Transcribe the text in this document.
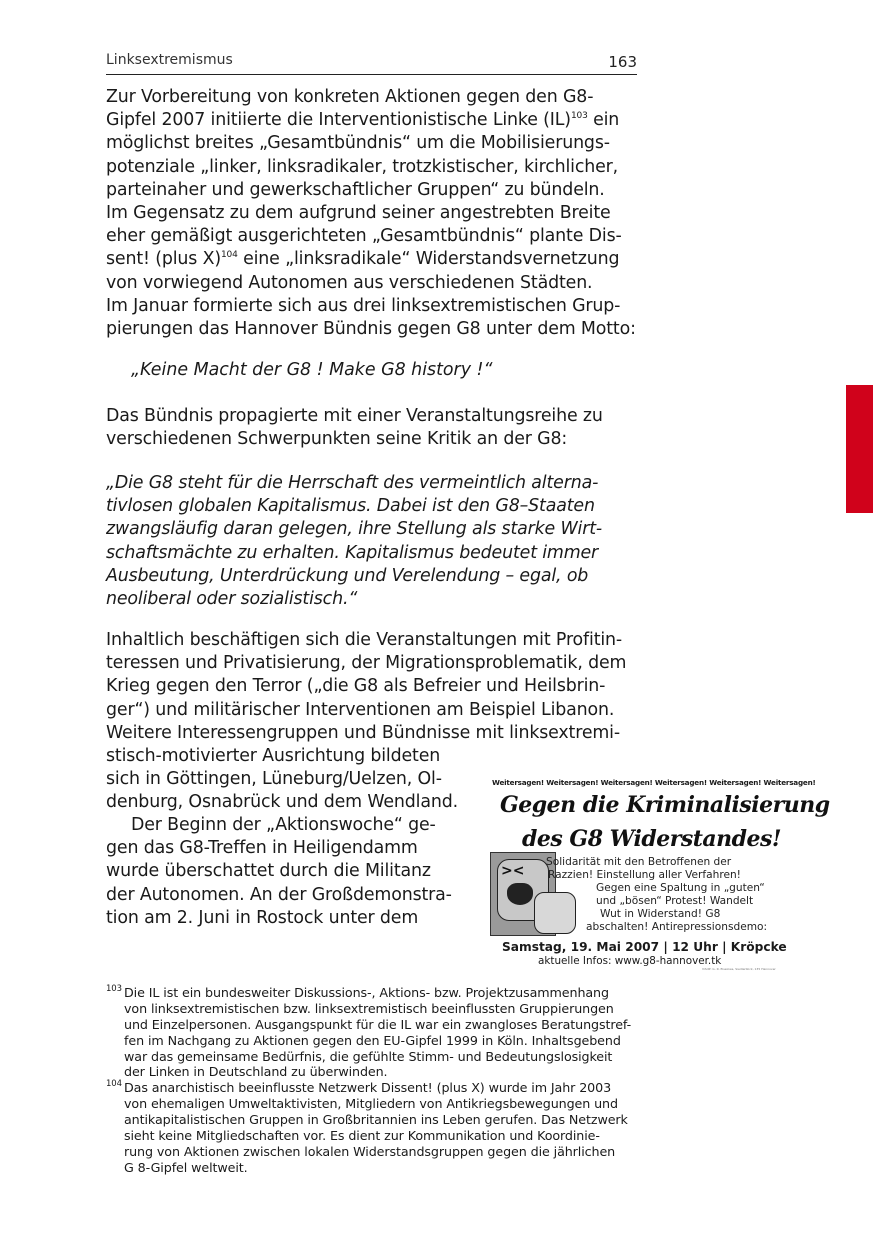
Linksextremismus	163
Zur Vorbereitung von konkreten Aktionen gegen den G8-
Gipfel 2007 initiierte die Interventionistische Linke (IL)$^{103}$ ein
möglichst breites „Gesamtbündnis“ um die Mobilisierungs-
potenziale „linker, linksradikaler, trotzkistischer, kirchlicher,
parteinaher und gewerkschaftlicher Gruppen“ zu bündeln.
Im Gegensatz zu dem aufgrund seiner angestrebten Breite
eher gemäßigt ausgerichteten „Gesamtbündnis“ plante Dis-
sent! (plus X)$^{104}$ eine „linksradikale“ Widerstandsvernetzung
von vorwiegend Autonomen aus verschiedenen Städten.
Im Januar formierte sich aus drei linksextremistischen Grup-
pierungen das Hannover Bündnis gegen G8 unter dem Motto:
„Keine Macht der G8 ! Make G8 history !“
Das Bündnis propagierte mit einer Veranstaltungsreihe zu
verschiedenen Schwerpunkten seine Kritik an der G8:
„Die G8 steht für die Herrschaft des vermeintlich alterna-
tivlosen globalen Kapitalismus. Dabei ist den G8–Staaten
zwangsläufig daran gelegen, ihre Stellung als starke Wirt-
schaftsmächte zu erhalten. Kapitalismus bedeutet immer
Ausbeutung, Unterdrückung und Verelendung – egal, ob
neoliberal oder sozialistisch.“
Inhaltlich beschäftigen sich die Veranstaltungen mit Profitin-
teressen und Privatisierung, der Migrationsproblematik, dem
Krieg gegen den Terror („die G8 als Befreier und Heilsbrin-
ger“) und militärischer Interventionen am Beispiel Libanon.
Weitere Interessengruppen und Bündnisse mit linksextremi-
stisch-motivierter Ausrichtung bildeten
sich in Göttingen, Lüneburg/Uelzen, Ol-
denburg, Osnabrück und dem Wendland.
Der Beginn der „Aktionswoche“ ge-
gen das G8-Treffen in Heiligendamm
wurde überschattet durch die Militanz
der Autonomen. An der Großdemonstra-
tion am 2. Juni in Rostock unter dem
Weitersagen! Weitersagen! Weitersagen! Weitersagen! Weitersagen! Weitersagen!
Gegen die Kriminalisierung
des G8 Widerstandes!
><
Solidarität mit den Betroffenen der
Razzien! Einstellung aller Verfahren!
Gegen eine Spaltung in „guten“
und „bösen“ Protest! Wandelt
Wut in Widerstand! G8
abschalten! Antirepressionsdemo:
Samstag, 19. Mai 2007 | 12 Uhr | Kröpcke
aktuelle Infos: www.g8-hannover.tk
ViSdP: G. R. Eiselows, Siedlerblick, 135 Hannover
103 Die IL ist ein bundesweiter Diskussions-, Aktions- bzw. Projektzusammenhang
von linksextremistischen bzw. linksextremistisch beeinflussten Gruppierungen
und Einzelpersonen. Ausgangspunkt für die IL war ein zwangloses Beratungstref-
fen im Nachgang zu Aktionen gegen den EU-Gipfel 1999 in Köln. Inhaltsgebend
war das gemeinsame Bedürfnis, die gefühlte Stimm- und Bedeutungslosigkeit
der Linken in Deutschland zu überwinden.
104 Das anarchistisch beeinflusste Netzwerk Dissent! (plus X) wurde im Jahr 2003
von ehemaligen Umweltaktivisten, Mitgliedern von Antikriegsbewegungen und
antikapitalistischen Gruppen in Großbritannien ins Leben gerufen. Das Netzwerk
sieht keine Mitgliedschaften vor. Es dient zur Kommunikation und Koordinie-
rung von Aktionen zwischen lokalen Widerstandsgruppen gegen die jährlichen
G 8-Gipfel weltweit.
